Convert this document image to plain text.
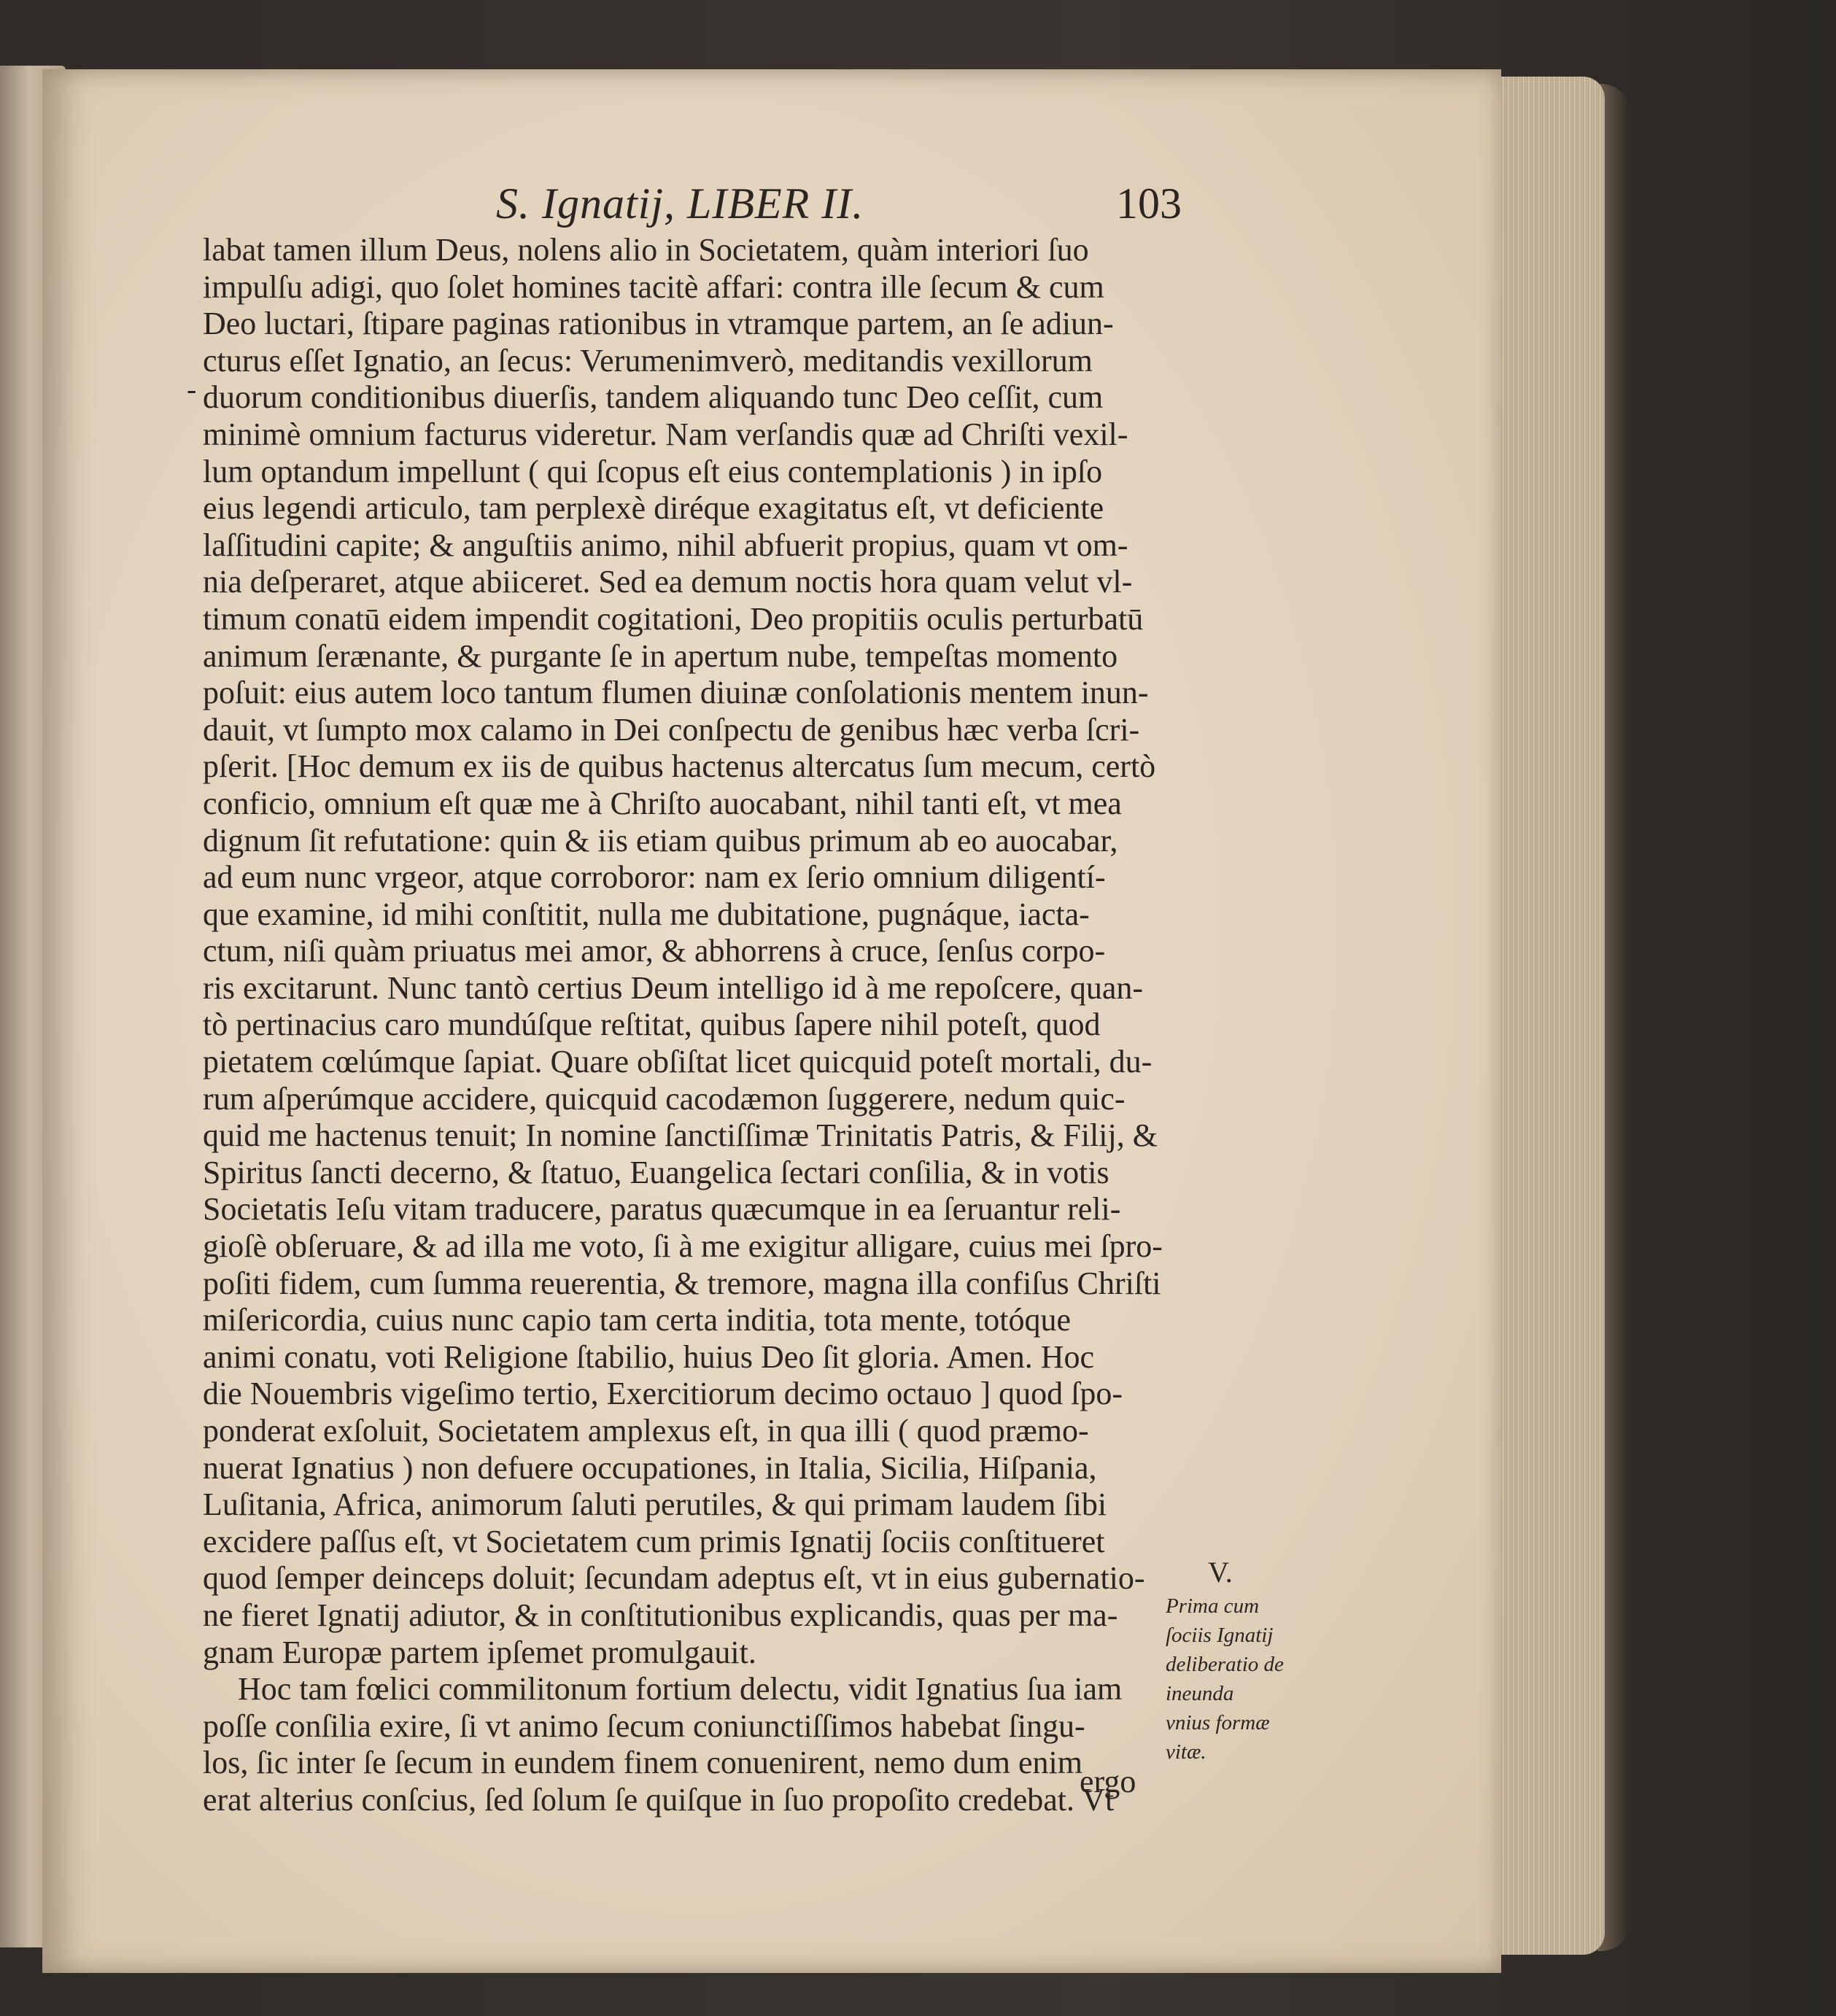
S. Ignatij, LIBER II.	103
-
labat tamen illum Deus, nolens alio in Societatem, quàm interiori ſuo
impulſu adigi, quo ſolet homines tacitè affari: contra ille ſecum & cum
Deo luctari, ſtipare paginas rationibus in vtramque partem, an ſe adiun-
cturus eſſet Ignatio, an ſecus: Verumenimverò, meditandis vexillorum
duorum conditionibus diuerſis, tandem aliquando tunc Deo ceſſit, cum
minimè omnium facturus videretur. Nam verſandis quæ ad Chriſti vexil-
lum optandum impellunt ( qui ſcopus eſt eius contemplationis ) in ipſo
eius legendi articulo, tam perplexè diréque exagitatus eſt, vt deficiente
laſſitudini capite; & anguſtiis animo, nihil abfuerit propius, quam vt om-
nia deſperaret, atque abiiceret. Sed ea demum noctis hora quam velut vl-
timum conatū eidem impendit cogitationi, Deo propitiis oculis perturbatū
animum ſerænante, & purgante ſe in apertum nube, tempeſtas momento
poſuit: eius autem loco tantum flumen diuinæ conſolationis mentem inun-
dauit, vt ſumpto mox calamo in Dei conſpectu de genibus hæc verba ſcri-
pſerit. [Hoc demum ex iis de quibus hactenus altercatus ſum mecum, certò
conficio, omnium eſt quæ me à Chriſto auocabant, nihil tanti eſt, vt mea
dignum ſit refutatione: quin & iis etiam quibus primum ab eo auocabar,
ad eum nunc vrgeor, atque corroboror: nam ex ſerio omnium diligentí-
que examine, id mihi conſtitit, nulla me dubitatione, pugnáque, iacta-
ctum, niſi quàm priuatus mei amor, & abhorrens à cruce, ſenſus corpo-
ris excitarunt. Nunc tantò certius Deum intelligo id à me repoſcere, quan-
tò pertinacius caro mundúſque reſtitat, quibus ſapere nihil poteſt, quod
pietatem cœlúmque ſapiat. Quare obſiſtat licet quicquid poteſt mortali, du-
rum aſperúmque accidere, quicquid cacodæmon ſuggerere, nedum quic-
quid me hactenus tenuit; In nomine ſanctiſſimæ Trinitatis Patris, & Filij, &
Spiritus ſancti decerno, & ſtatuo, Euangelica ſectari conſilia, & in votis
Societatis Ieſu vitam traducere, paratus quæcumque in ea ſeruantur reli-
gioſè obſeruare, & ad illa me voto, ſi à me exigitur alligare, cuius mei ſpro-
poſiti fidem, cum ſumma reuerentia, & tremore, magna illa confiſus Chriſti
miſericordia, cuius nunc capio tam certa inditia, tota mente, totóque
animi conatu, voti Religione ſtabilio, huius Deo ſit gloria. Amen. Hoc
die Nouembris vigeſimo tertio, Exercitiorum decimo octauo ] quod ſpo-
ponderat exſoluit, Societatem amplexus eſt, in qua illi ( quod præmo-
nuerat Ignatius ) non defuere occupationes, in Italia, Sicilia, Hiſpania,
Luſitania, Africa, animorum ſaluti perutiles, & qui primam laudem ſibi
excidere paſſus eſt, vt Societatem cum primis Ignatij ſociis conſtitueret
quod ſemper deinceps doluit; ſecundam adeptus eſt, vt in eius gubernatio-
ne fieret Ignatij adiutor, & in conſtitutionibus explicandis, quas per ma-
gnam Europæ partem ipſemet promulgauit.
Hoc tam fœlici commilitonum fortium delectu, vidit Ignatius ſua iam
poſſe conſilia exire, ſi vt animo ſecum coniunctiſſimos habebat ſingu-
los, ſic inter ſe ſecum in eundem finem conuenirent, nemo dum enim
erat alterius conſcius, ſed ſolum ſe quiſque in ſuo propoſito credebat. Vt
ergo
V.
Prima cum
ſociis Ignatij
deliberatio de
ineunda
vnius formæ
vitæ.
